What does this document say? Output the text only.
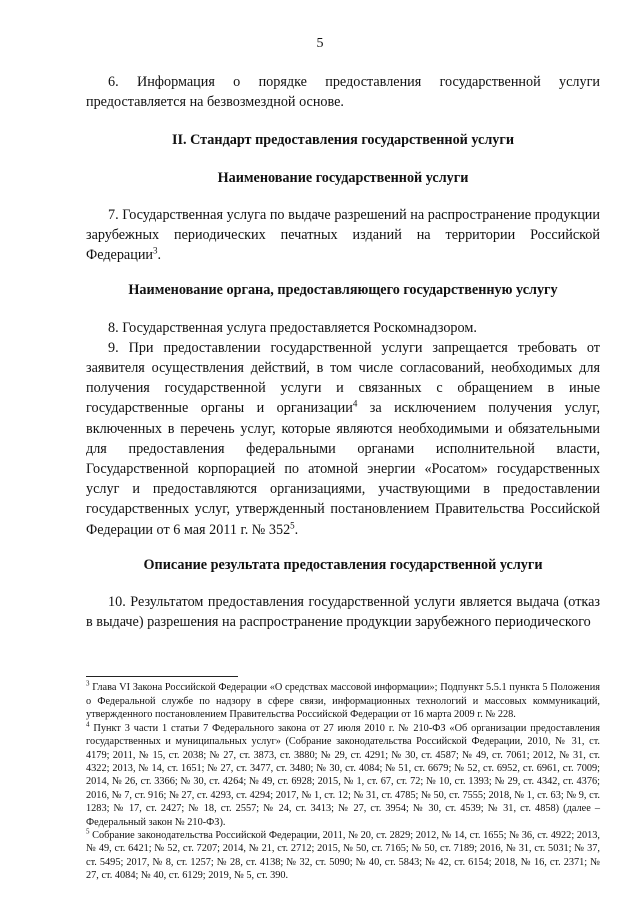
5

6. Информация о порядке предоставления государственной услуги предоставляется на безвозмездной основе.

II. Стандарт предоставления государственной услуги

Наименование государственной услуги

7. Государственная услуга по выдаче разрешений на распространение продукции зарубежных периодических печатных изданий на территории Российской Федерации$^3$.

Наименование органа, предоставляющего государственную услугу

8. Государственная услуга предоставляется Роскомнадзором.

9. При предоставлении государственной услуги запрещается требовать от заявителя осуществления действий, в том числе согласований, необходимых для получения государственной услуги и связанных с обращением в иные государственные органы и организации$^4$ за исключением получения услуг, включенных в перечень услуг, которые являются необходимыми и обязательными для предоставления федеральными органами исполнительной власти, Государственной корпорацией по атомной энергии «Росатом» государственных услуг и предоставляются организациями, участвующими в предоставлении государственных услуг, утвержденный постановлением Правительства Российской Федерации от 6 мая 2011 г. № $352^5$.

Описание результата предоставления государственной услуги

10. Результатом предоставления государственной услуги является выдача (отказ в выдаче) разрешения на распространение продукции зарубежного периодического

$^3$ Глава VI Закона Российской Федерации «О средствах массовой информации»; Подпункт 5.5.1 пункта 5 Положения о Федеральной службе по надзору в сфере связи, информационных технологий и массовых коммуникаций, утвержденного постановлением Правительства Российской Федерации от 16 марта 2009 г. № 228.

$^4$ Пункт 3 части 1 статьи 7 Федерального закона от 27 июля 2010 г. № 210-ФЗ «Об организации предоставления государственных и муниципальных услуг» (Собрание законодательства Российской Федерации, 2010, № 31, ст. 4179; 2011, № 15, ст. 2038; № 27, ст. 3873, ст. 3880; № 29, ст. 4291; № 30, ст. 4587; № 49, ст. 7061; 2012, № 31, ст. 4322; 2013, № 14, ст. 1651; № 27, ст. 3477, ст. 3480; № 30, ст. 4084; № 51, ст. 6679; № 52, ст. 6952, ст. 6961, ст. 7009; 2014, № 26, ст. 3366; № 30, ст. 4264; № 49, ст. 6928; 2015, № 1, ст. 67, ст. 72; № 10, ст. 1393; № 29, ст. 4342, ст. 4376; 2016, № 7, ст. 916; № 27, ст. 4293, ст. 4294; 2017, № 1, ст. 12; № 31, ст. 4785; № 50, ст. 7555; 2018, № 1, ст. 63; № 9, ст. 1283; № 17, ст. 2427; № 18, ст. 2557; № 24, ст. 3413; № 27, ст. 3954; № 30, ст. 4539; № 31, ст. 4858) (далее – Федеральный закон № 210-ФЗ).

$^5$ Собрание законодательства Российской Федерации, 2011, № 20, ст. 2829; 2012, № 14, ст. 1655; № 36, ст. 4922; 2013, № 49, ст. 6421; № 52, ст. 7207; 2014, № 21, ст. 2712; 2015, № 50, ст. 7165; № 50, ст. 7189; 2016, № 31, ст. 5031; № 37, ст. 5495; 2017, № 8, ст. 1257; № 28, ст. 4138; № 32, ст. 5090; № 40, ст. 5843; № 42, ст. 6154; 2018, № 16, ст. 2371; № 27, ст. 4084; № 40, ст. 6129; 2019, № 5, ст. 390.
